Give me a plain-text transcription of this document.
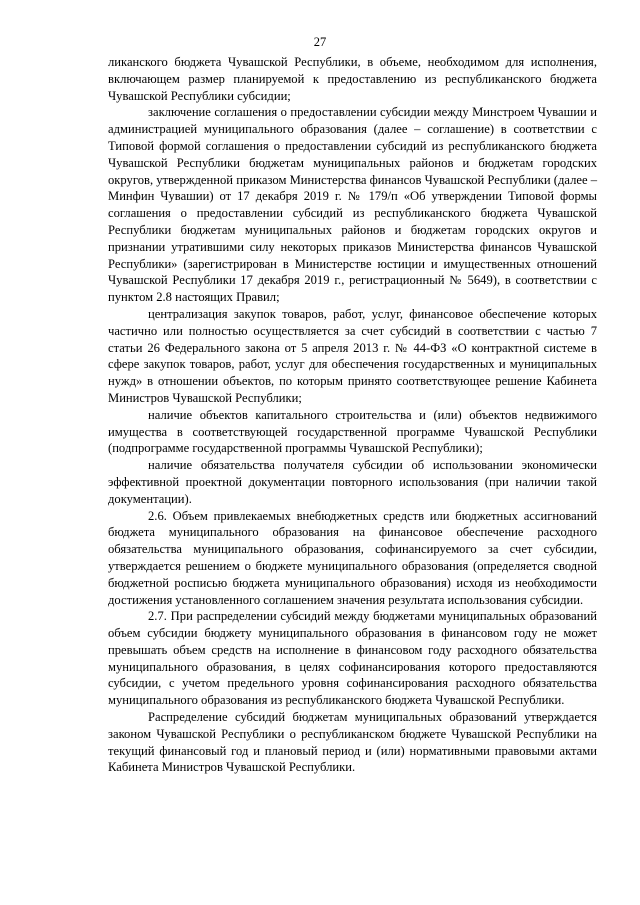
27

ликанского бюджета Чувашской Республики, в объеме, необходимом для исполнения, включающем размер планируемой к предоставлению из республиканского бюджета Чувашской Республики субсидии;

заключение соглашения о предоставлении субсидии между Минстроем Чувашии и администрацией муниципального образования (далее – соглашение) в соответствии с Типовой формой соглашения о предоставлении субсидий из республиканского бюджета Чувашской Республики бюджетам муниципальных районов и бюджетам городских округов, утвержденной приказом Министерства финансов Чувашской Республики (далее – Минфин Чувашии) от 17 декабря 2019 г. № 179/п «Об утверждении Типовой формы соглашения о предоставлении субсидий из республиканского бюджета Чувашской Республики бюджетам муниципальных районов и бюджетам городских округов и признании утратившими силу некоторых приказов Министерства финансов Чувашской Республики» (зарегистрирован в Министерстве юстиции и имущественных отношений Чувашской Республики 17 декабря 2019 г., регистрационный № 5649), в соответствии с пунктом 2.8 настоящих Правил;

централизация закупок товаров, работ, услуг, финансовое обеспечение которых частично или полностью осуществляется за счет субсидий в соответствии с частью 7 статьи 26 Федерального закона от 5 апреля 2013 г. № 44-ФЗ «О контрактной системе в сфере закупок товаров, работ, услуг для обеспечения государственных и муниципальных нужд» в отношении объектов, по которым принято соответствующее решение Кабинета Министров Чувашской Республики;

наличие объектов капитального строительства и (или) объектов недвижимого имущества в соответствующей государственной программе Чувашской Республики (подпрограмме государственной программы Чувашской Республики);

наличие обязательства получателя субсидии об использовании экономически эффективной проектной документации повторного использования (при наличии такой документации).

2.6. Объем привлекаемых внебюджетных средств или бюджетных ассигнований бюджета муниципального образования на финансовое обеспечение расходного обязательства муниципального образования, софинансируемого за счет субсидии, утверждается решением о бюджете муниципального образования (определяется сводной бюджетной росписью бюджета муниципального образования) исходя из необходимости достижения установленного соглашением значения результата использования субсидии.

2.7. При распределении субсидий между бюджетами муниципальных образований объем субсидии бюджету муниципального образования в финансовом году не может превышать объем средств на исполнение в финансовом году расходного обязательства муниципального образования, в целях софинансирования которого предоставляются субсидии, с учетом предельного уровня софинансирования расходного обязательства муниципального образования из республиканского бюджета Чувашской Республики.

Распределение субсидий бюджетам муниципальных образований утверждается законом Чувашской Республики о республиканском бюджете Чувашской Республики на текущий финансовый год и плановый период и (или) нормативными правовыми актами Кабинета Министров Чувашской Республики.
